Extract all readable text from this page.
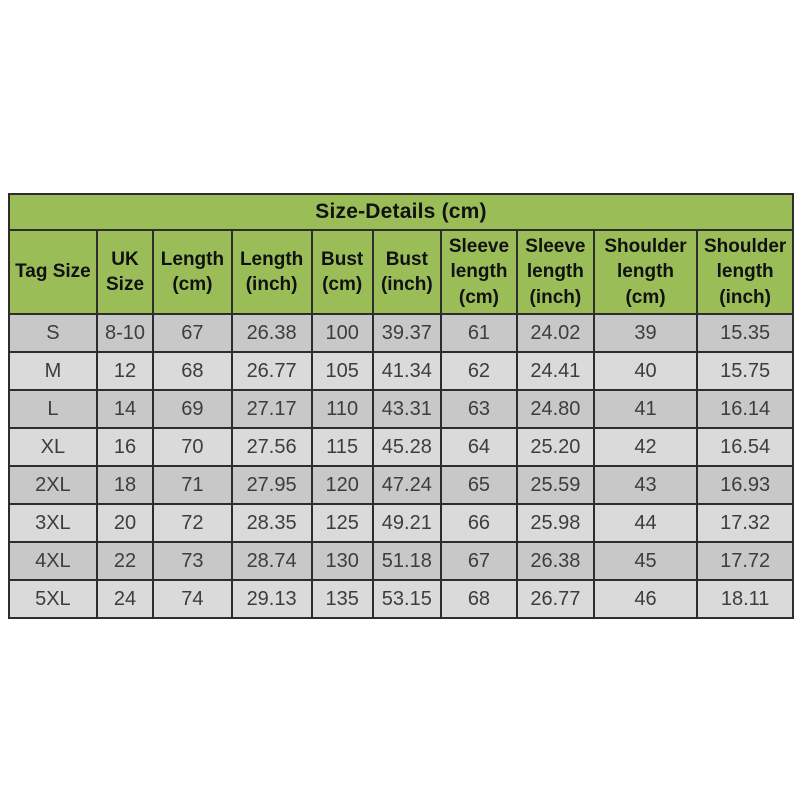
Size-Details (cm)									
Tag Size	UK Size	Length (cm)	Length (inch)	Bust (cm)	Bust (inch)	Sleeve length (cm)	Sleeve length (inch)	Shoulder length (cm)	Shoulder length (inch)
S	8-10	67	26.38	100	39.37	61	24.02	39	15.35
M	12	68	26.77	105	41.34	62	24.41	40	15.75
L	14	69	27.17	110	43.31	63	24.80	41	16.14
XL	16	70	27.56	115	45.28	64	25.20	42	16.54
2XL	18	71	27.95	120	47.24	65	25.59	43	16.93
3XL	20	72	28.35	125	49.21	66	25.98	44	17.32
4XL	22	73	28.74	130	51.18	67	26.38	45	17.72
5XL	24	74	29.13	135	53.15	68	26.77	46	18.11
